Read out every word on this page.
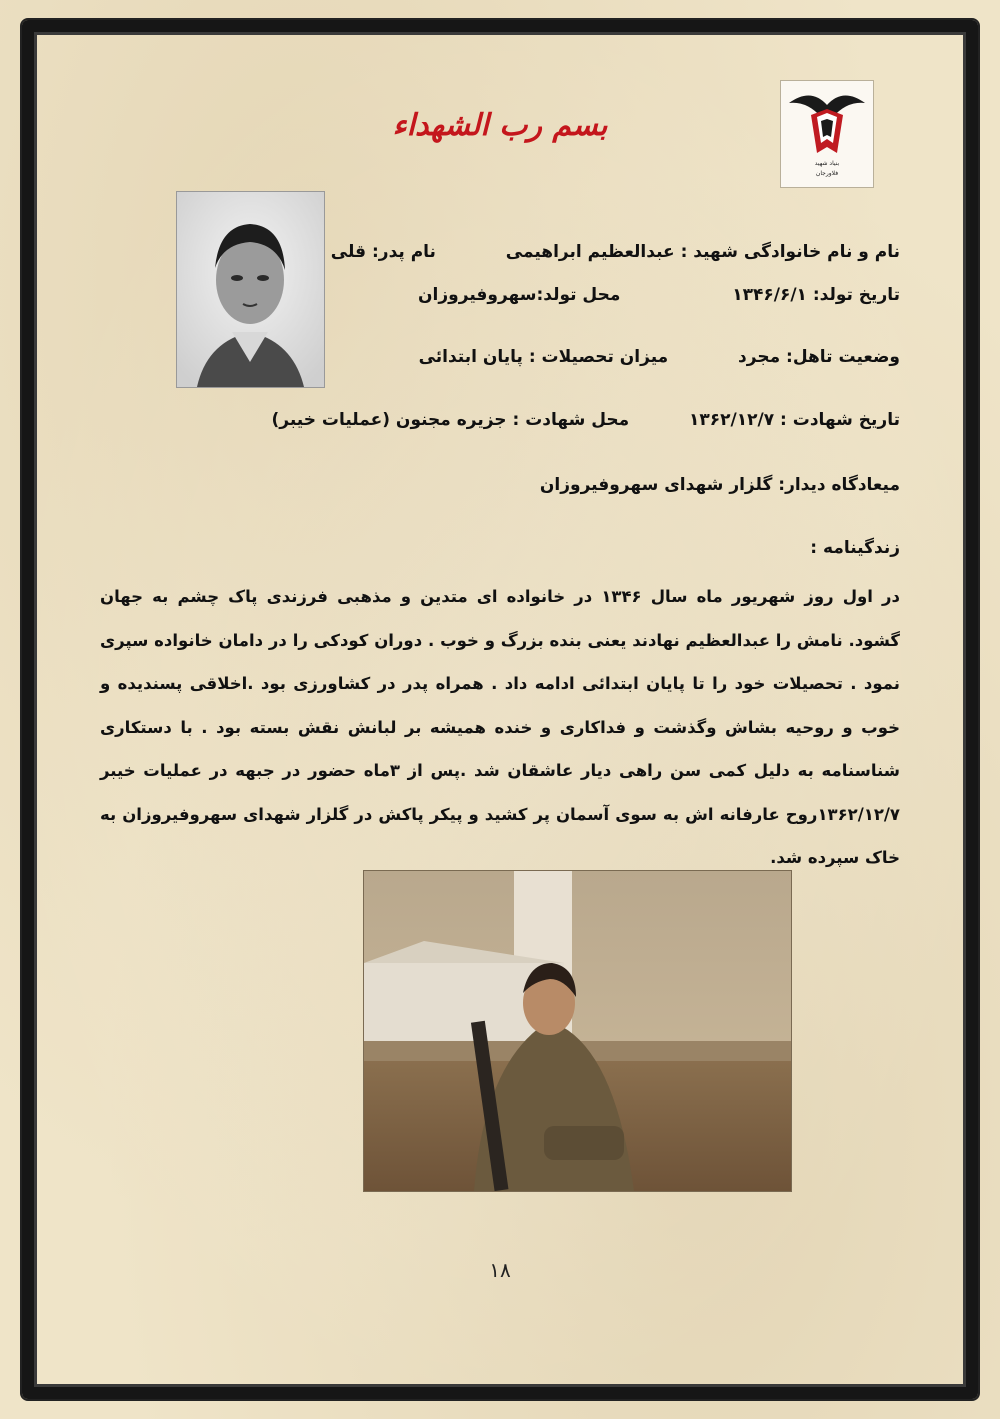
بنیاد شهید
فلاورجان
بسم رب الشهداء
نام و نام خانوادگی شهید : عبدالعظیم ابراهیمی  نام پدر: قلی
تاریخ تولد: ۱۳۴۶/۶/۱  محل تولد:سهروفیروزان
وضعیت تاهل: مجرد  میزان تحصیلات : پایان ابتدائی
تاریخ شهادت : ۱۳۶۲/۱۲/۷  محل شهادت : جزیره مجنون (عملیات خیبر)
میعادگاه دیدار: گلزار شهدای سهروفیروزان
زندگینامه :
در اول روز شهریور ماه سال ۱۳۴۶ در خانواده ای متدین و مذهبی فرزندی پاک چشم به جهان گشود. نامش را عبدالعظیم نهادند یعنی بنده بزرگ و خوب . دوران کودکی را در دامان خانواده سپری نمود . تحصیلات خود را تا پایان ابتدائی ادامه داد . همراه پدر در کشاورزی بود .اخلاقی پسندیده و خوب و روحیه بشاش وگذشت و فداکاری و خنده همیشه بر لبانش نقش بسته بود . با دستکاری شناسنامه به دلیل کمی سن راهی دیار عاشقان شد .پس از ۳ماه حضور در جبهه در عملیات خیبر ۱۳۶۲/۱۲/۷روح عارفانه اش به سوی آسمان پر کشید و پیکر پاکش در گلزار شهدای سهروفیروزان به خاک سپرده شد.
۱۸
